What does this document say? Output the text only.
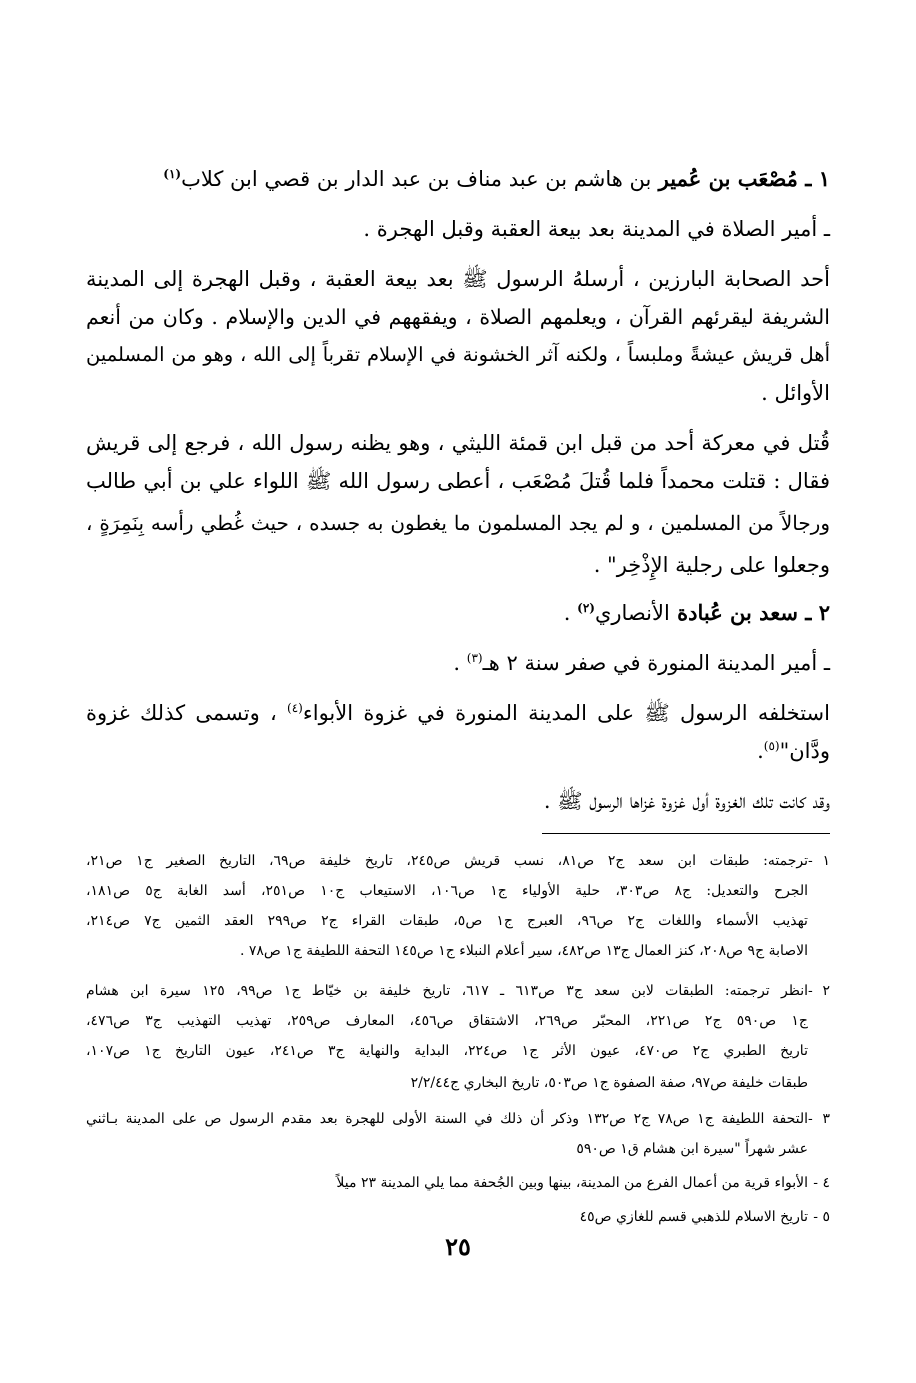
١ ـ مُصْعَب بن عُمير بن هاشم بن عبد مناف بن عبد الدار بن قصي ابن كلاب$^{(١)}$
ـ أمير الصلاة في المدينة بعد بيعة العقبة وقبل الهجرة .
أحد الصحابة البارزين ، أرسلهُ الرسول ﷺ بعد بيعة العقبة ، وقبل الهجرة إلى المدينة
الشريفة ليقرئهم القرآن ، ويعلمهم الصلاة ، ويفقههم في الدين والإسلام . وكان من أنعم
أهل قريش عيشةً وملبساً ، ولكنه آثر الخشونة في الإسلام تقرباً إلى الله ، وهو من المسلمين
الأوائل .
قُتل في معركة أحد من قبل ابن قمئة الليثي ، وهو يظنه رسول الله ، فرجع إلى قريش
فقال : قتلت محمداً فلما قُتلَ مُصْعَب ، أعطى رسول الله ﷺ اللواء علي بن أبي طالب
ورجالاً من المسلمين ، و لم يجد المسلمون ما يغطون به جسده ، حيث غُطي رأسه بِنَمِرَةٍ ،
وجعلوا على رجلية الإِذْخِر" .
٢ ـ سعد بن عُبادة الأنصاري$^{(٢)}$ .
ـ أمير المدينة المنورة في صفر سنة ٢ هـ$^{(٣)}$ .
استخلفه الرسول ﷺ على المدينة المنورة في غزوة الأبواء$^{(٤)}$ ، وتسمى كذلك غزوة
ودَّان"$^{(٥)}$.
وقد كانت تلك الغزوة أول غزوة غزاها الرسول ﷺ .
١ -ترجمته: طبقات ابن سعد ج٢ ص٨١، نسب قريش ص٢٤٥، تاريخ خليفة ص٦٩، التاريخ الصغير ج١ ص٢١،
الجرح والتعديل: ج٨ ص٣٠٣، حلية الأولياء ج١ ص١٠٦، الاستيعاب ج١٠ ص٢٥١، أسد الغابة ج٥ ص١٨١،
تهذيب الأسماء واللغات ج٢ ص٩٦، العبرج ج١ ص٥، طبقات القراء ج٢ ص٢٩٩ العقد الثمين ج٧ ص٢١٤،
الاصابة ج٩ ص٢٠٨، كنز العمال ج١٣ ص٤٨٢، سير أعلام النبلاء ج١ ص١٤٥ التحفة اللطيفة ج١ ص٧٨ .
٢ -انظر ترجمته: الطبقات لابن سعد ج٣ ص٦١٣ ـ ٦١٧، تاريخ خليفة بن خيّاط ج١ ص٩٩، ١٢٥ سيرة ابن هشام
ج١ ص٥٩٠ ج٢ ص٢٢١، المحبّر ص٢٦٩، الاشتقاق ص٤٥٦، المعارف ص٢٥٩، تهذيب التهذيب ج٣ ص٤٧٦،
تاريخ الطبري ج٢ ص٤٧٠، عيون الأثر ج١ ص٢٢٤، البداية والنهاية ج٣ ص٢٤١، عيون التاريخ ج١ ص١٠٧،
طبقات خليفة ص٩٧، صفة الصفوة ج١ ص٥٠٣، تاريخ البخاري ج٢/٢/٤٤
٣ -التحفة اللطيفة ج١ ص٧٨ ج٢ ص١٣٢ وذكر أن ذلك في السنة الأولى للهجرة بعد مقدم الرسول ص على المدينة بـاثني
عشر شهراً "سيرة ابن هشام ق١ ص٥٩٠
٤ -الأبواء قرية من أعمال الفرع من المدينة، بينها وبين الجُحفة مما يلي المدينة ٢٣ ميلاً
٥ -تاريخ الاسلام للذهبي قسم للغازي ص٤٥
٢٥
